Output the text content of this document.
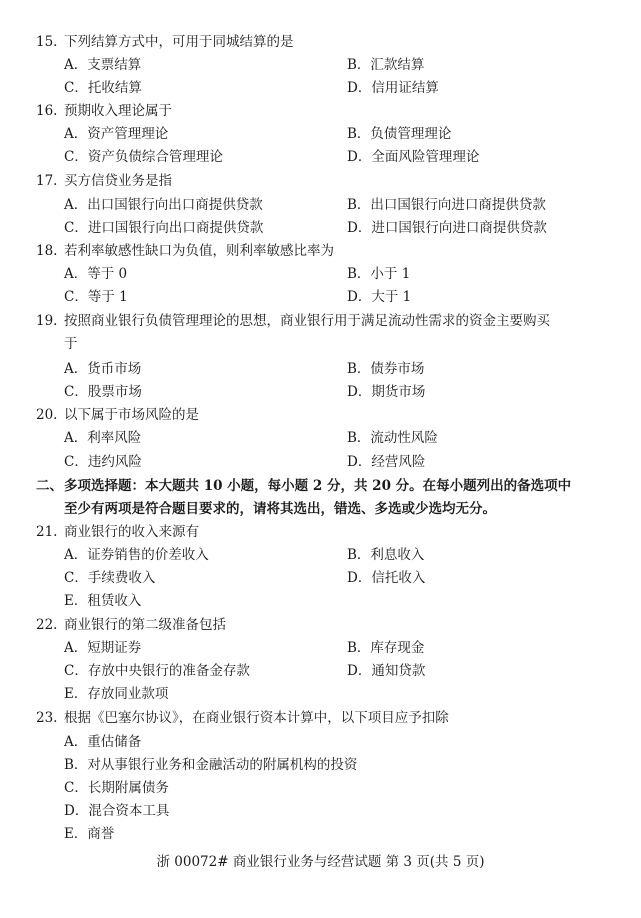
15. 下列结算方式中，可用于同城结算的是
A．支票结算	B．汇款结算
C．托收结算	D．信用证结算
16. 预期收入理论属于
A．资产管理理论	B．负债管理理论
C．资产负债综合管理理论	D．全面风险管理理论
17. 买方信贷业务是指
A．出口国银行向出口商提供贷款	B．出口国银行向进口商提供贷款
C．进口国银行向出口商提供贷款	D．进口国银行向进口商提供贷款
18. 若利率敏感性缺口为负值，则利率敏感比率为
A．等于 0	B．小于 1
C．等于 1	D．大于 1
19. 按照商业银行负债管理理论的思想，商业银行用于满足流动性需求的资金主要购买
于
A．货币市场	B．债券市场
C．股票市场	D．期货市场
20. 以下属于市场风险的是
A．利率风险	B．流动性风险
C．违约风险	D．经营风险
二、 多项选择题：本大题共 10 小题，每小题 2 分，共 20 分。在每小题列出的备选项中
至少有两项是符合题目要求的，请将其选出，错选、多选或少选均无分。
21. 商业银行的收入来源有
A．证券销售的价差收入	B．利息收入
C．手续费收入	D．信托收入
E．租赁收入
22. 商业银行的第二级准备包括
A．短期证券	B．库存现金
C．存放中央银行的准备金存款	D．通知贷款
E．存放同业款项
23. 根据《巴塞尔协议》，在商业银行资本计算中，以下项目应予扣除
A．重估储备
B．对从事银行业务和金融活动的附属机构的投资
C．长期附属债务
D．混合资本工具
E．商誉
浙 00072# 商业银行业务与经营试题 第 3 页(共 5 页)
